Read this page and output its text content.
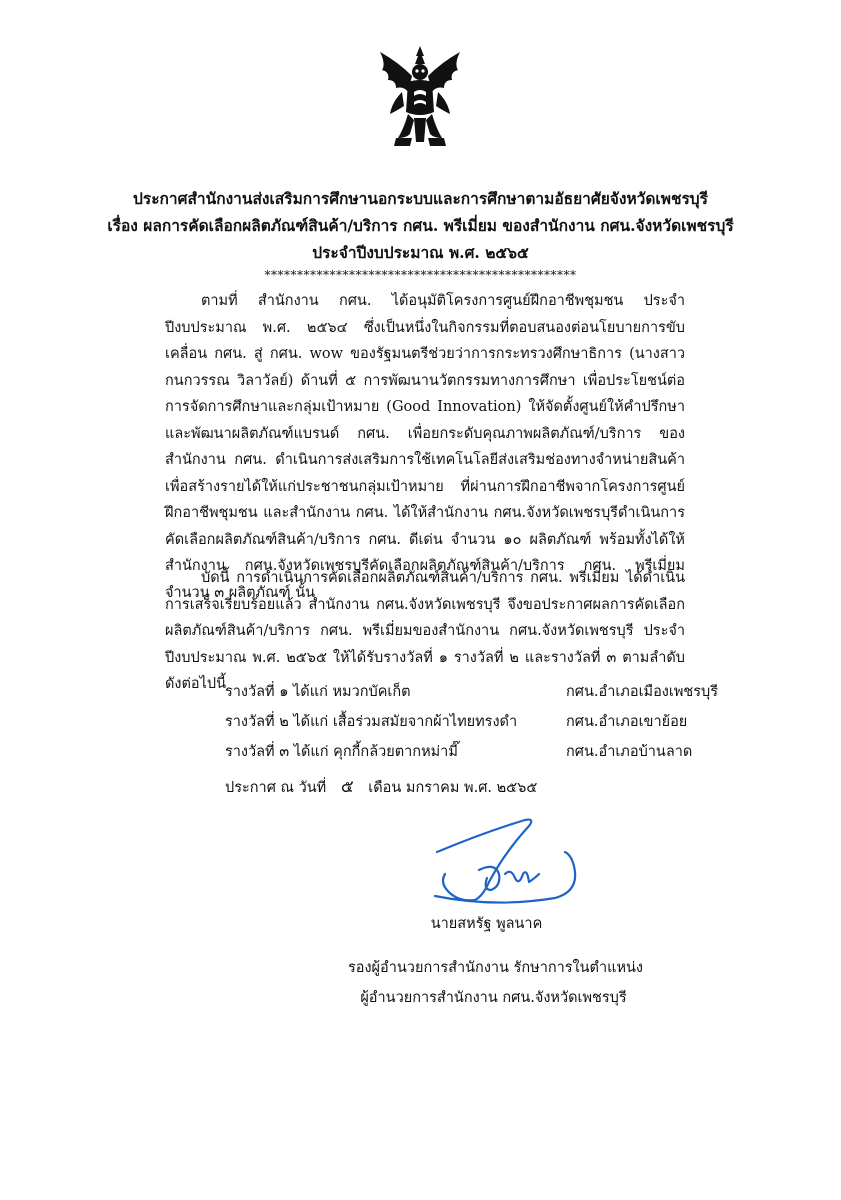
ประกาศสำนักงานส่งเสริมการศึกษานอกระบบและการศึกษาตามอัธยาศัยจังหวัดเพชรบุรี
เรื่อง ผลการคัดเลือกผลิตภัณฑ์สินค้า/บริการ กศน. พรีเมี่ยม ของสำนักงาน กศน.จังหวัดเพชรบุรี
ประจำปีงบประมาณ พ.ศ. ๒๕๖๕
************************************************
ตามที่ สำนักงาน กศน. ได้อนุมัติโครงการศูนย์ฝึกอาชีพชุมชน ประจำปีงบประมาณ พ.ศ. ๒๕๖๔ ซึ่งเป็นหนึ่งในกิจกรรมที่ตอบสนองต่อนโยบายการขับเคลื่อน กศน. สู่ กศน. wow ของรัฐมนตรีช่วยว่าการกระทรวงศึกษาธิการ (นางสาวกนกวรรณ วิลาวัลย์) ด้านที่ ๕ การพัฒนานวัตกรรมทางการศึกษา เพื่อประโยชน์ต่อการจัดการศึกษาและกลุ่มเป้าหมาย (Good Innovation) ให้จัดตั้งศูนย์ให้คำปรึกษา และพัฒนาผลิตภัณฑ์แบรนด์ กศน. เพื่อยกระดับคุณภาพผลิตภัณฑ์/บริการ ของสำนักงาน กศน. ดำเนินการส่งเสริมการใช้เทคโนโลยีส่งเสริมช่องทางจำหน่ายสินค้าเพื่อสร้างรายได้ให้แก่ประชาชนกลุ่มเป้าหมาย ที่ผ่านการฝึกอาชีพจากโครงการศูนย์ฝึกอาชีพชุมชน และสำนักงาน กศน. ได้ให้สำนักงาน กศน.จังหวัดเพชรบุรีดำเนินการคัดเลือกผลิตภัณฑ์สินค้า/บริการ กศน. ดีเด่น จำนวน ๑๐ ผลิตภัณฑ์ พร้อมทั้งได้ให้สำนักงาน กศน.จังหวัดเพชรบุรีคัดเลือกผลิตภัณฑ์สินค้า/บริการ กศน. พรีเมี่ยม จำนวน ๓ ผลิตภัณฑ์ นั้น
บัดนี้ การดำเนินการคัดเลือกผลิตภัณฑ์สินค้า/บริการ กศน. พรีเมี่ยม ได้ดำเนินการเสร็จเรียบร้อยแล้ว สำนักงาน กศน.จังหวัดเพชรบุรี จึงขอประกาศผลการคัดเลือก ผลิตภัณฑ์สินค้า/บริการ กศน. พรีเมี่ยมของสำนักงาน กศน.จังหวัดเพชรบุรี ประจำปีงบประมาณ พ.ศ. ๒๕๖๕ ให้ได้รับรางวัลที่ ๑ รางวัลที่ ๒ และรางวัลที่ ๓ ตามลำดับ ดังต่อไปนี้
รางวัลที่ ๑ ได้แก่ หมวกบัคเก็ต	กศน.อำเภอเมืองเพชรบุรี
รางวัลที่ ๒ ได้แก่ เสื้อร่วมสมัยจากผ้าไทยทรงดำ	กศน.อำเภอเขาย้อย
รางวัลที่ ๓ ได้แก่ คุกกี้กล้วยตากหม่ามี๊	กศน.อำเภอบ้านลาด
ประกาศ ณ วันที่ ๕ เดือน มกราคม พ.ศ. ๒๕๖๕
นายสหรัฐ พูลนาค
รองผู้อำนวยการสำนักงาน รักษาการในตำแหน่ง
ผู้อำนวยการสำนักงาน กศน.จังหวัดเพชรบุรี
